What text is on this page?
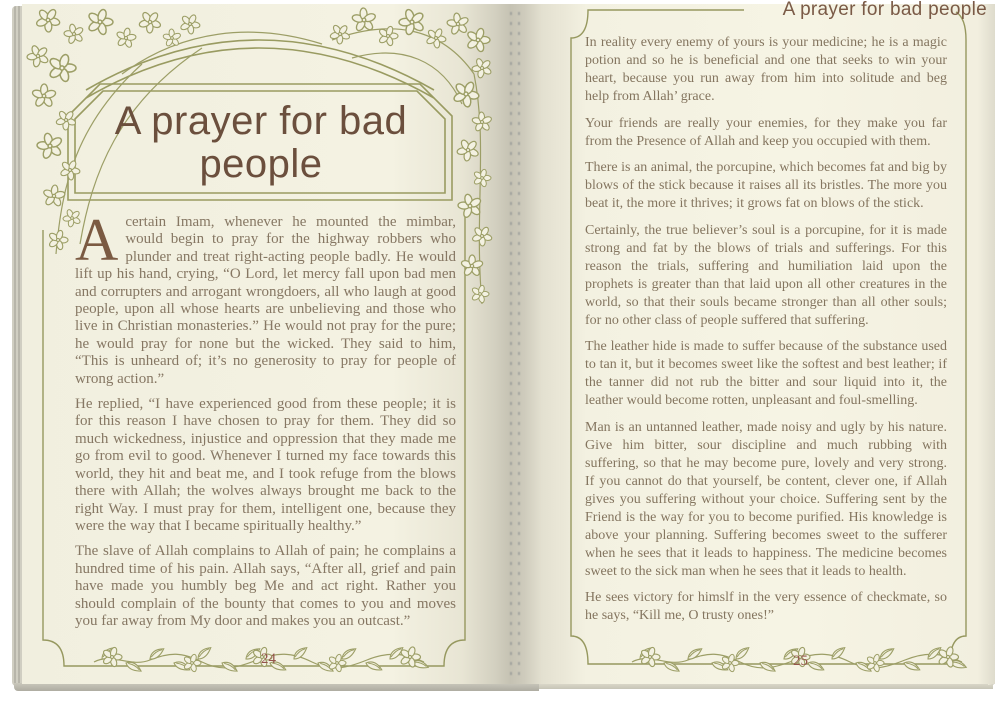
A prayer for bad people

Acertain Imam, whenever he mounted the mimbar, would begin to pray for the highway robbers who plunder and treat right-acting people badly. He would lift up his hand, crying, “O Lord, let mercy fall upon bad men and corrupters and arrogant wrongdoers, all who laugh at good people, upon all whose hearts are unbelieving and those who live in Christian monasteries.” He would not pray for the pure; he would pray for none but the wicked. They said to him, “This is unheard of; it’s no generosity to pray for people of wrong action.”

He replied, “I have experienced good from these people; it is for this reason I have chosen to pray for them. They did so much wickedness, injustice and oppression that they made me go from evil to good. Whenever I turned my face towards this world, they hit and beat me, and I took refuge from the blows there with Allah; the wolves always brought me back to the right Way. I must pray for them, intelligent one, because they were the way that I became spiritually healthy.”

The slave of Allah complains to Allah of pain; he complains a hundred time of his pain. Allah says, “After all, grief and pain have made you humbly beg Me and act right. Rather you should complain of the bounty that comes to you and moves you far away from My door and makes you an outcast.”

24
A prayer for bad people

In reality every enemy of yours is your medicine; he is a magic potion and so he is beneficial and one that seeks to win your heart, because you run away from him into solitude and beg help from Allah’ grace.

Your friends are really your enemies, for they make you far from the Presence of Allah and keep you occupied with them.

There is an animal, the porcupine, which becomes fat and big by blows of the stick because it raises all its bristles. The more you beat it, the more it thrives; it grows fat on blows of the stick.

Certainly, the true believer’s soul is a porcupine, for it is made strong and fat by the blows of trials and sufferings. For this reason the trials, suffering and humiliation laid upon the prophets is greater than that laid upon all other creatures in the world, so that their souls became stronger than all other souls; for no other class of people suffered that suffering.

The leather hide is made to suffer because of the substance used to tan it, but it becomes sweet like the softest and best leather; if the tanner did not rub the bitter and sour liquid into it, the leather would become rotten, unpleasant and foul-smelling.

Man is an untanned leather, made noisy and ugly by his nature. Give him bitter, sour discipline and much rubbing with suffering, so that he may become pure, lovely and very strong. If you cannot do that yourself, be content, clever one, if Allah gives you suffering without your choice. Suffering sent by the Friend is the way for you to become purified. His knowledge is above your planning. Suffering becomes sweet to the sufferer when he sees that it leads to happiness. The medicine becomes sweet to the sick man when he sees that it leads to health.

He sees victory for himslf in the very essence of checkmate, so he says, “Kill me, O trusty ones!”

25
